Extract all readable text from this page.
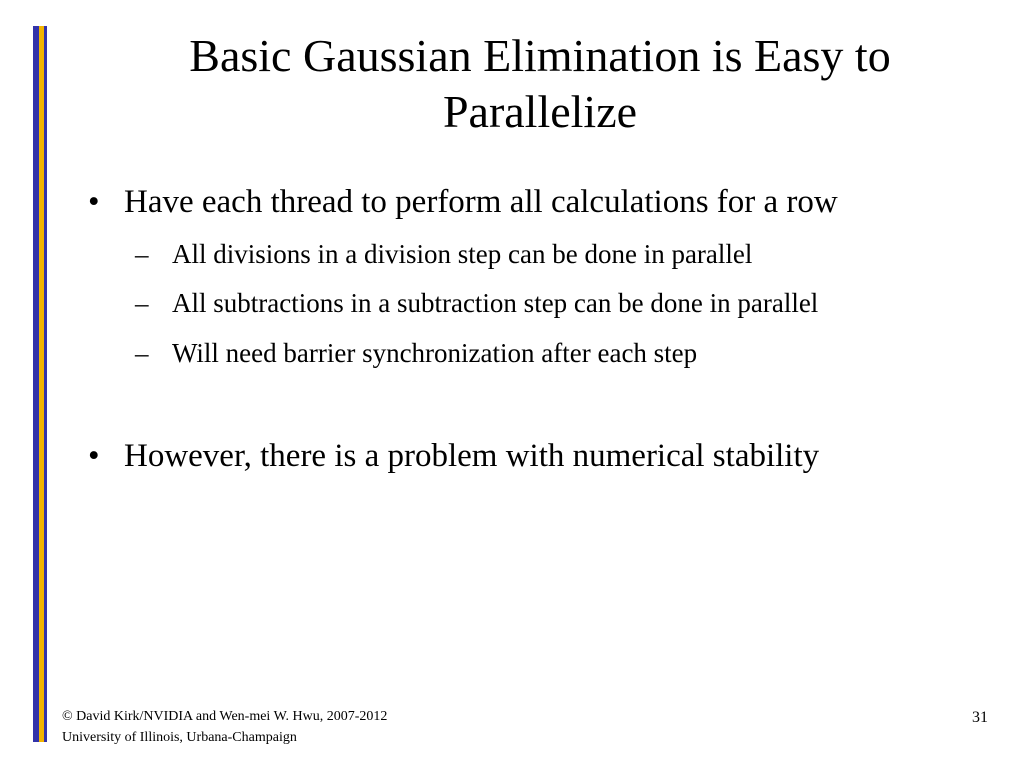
Basic Gaussian Elimination is Easy to
Parallelize
• Have each thread to perform all calculations for a row
– All divisions in a division step can be done in parallel
– All subtractions in a subtraction step can be done in parallel
– Will need barrier synchronization after each step
• However, there is a problem with numerical stability
© David Kirk/NVIDIA and Wen-mei W. Hwu, 2007-2012
University of Illinois, Urbana-Champaign
31
